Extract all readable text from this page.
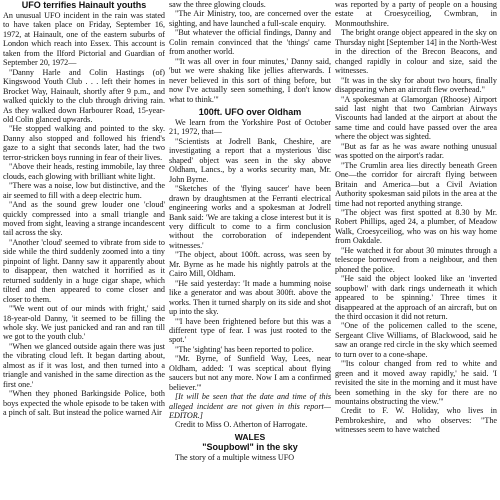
UFO terrifies Hainault youths

An unusual UFO incident in the rain was stated to have taken place on Friday, September 16, 1972, at Hainault, one of the eastern suburbs of London which reach into Essex. This account is taken from the Ilford Pictorial and Guardian of September 20, 1972—

"Danny Harle and Colin Hastings (of) Kingswood Youth Club . . . left their homes in Brocket Way, Hainault, shortly after 9 p.m., and walked quickly to the club through driving rain. As they walked down Harbourer Road, 15-year-old Colin glanced upwards.

"He stopped walking and pointed to the sky. Danny also stopped and followed his friend's gaze to a sight that seconds later, had the two terror-stricken boys running in fear of their lives.

"Above their heads, resting immobile, lay three clouds, each glowing with brilliant white light.

"There was a noise, low but distinctive, and the air seemed to fill with a deep electric hum.

"And as the sound grew louder one 'cloud' quickly compressed into a small triangle and moved from sight, leaving a strange incandescent tail across the sky.

"Another 'cloud' seemed to vibrate from side to side while the third suddenly zoomed into a tiny pinpoint of light. Danny saw it apparently about to disappear, then watched it horrified as it returned suddenly in a huge cigar shape, which tilted and then appeared to come closer and closer to them.

"'We went out of our minds with fright,' said 18-year-old Danny, 'it seemed to be filling the whole sky. We just panicked and ran and ran till we got to the youth club.'

"When we glanced outside again there was just the vibrating cloud left. It began darting about, almost as if it was lost, and then turned into a triangle and vanished in the same direction as the first one.'

"When they phoned Barkingside Police, both boys expected the whole episode to be taken with a pinch of salt. But instead the police warned Air

saw the three glowing clouds.

"The Air Ministry, too, are concerned over the sighting, and have launched a full-scale enquiry.

"But whatever the official findings, Danny and Colin remain convinced that the 'things' came from another world.

"'It was all over in four minutes,' Danny said, 'but we were shaking like jellies afterwards. I never believed in this sort of thing before, but now I've actually seen something, I don't know what to think.'"

100ft. UFO over Oldham

We learn from the Yorkshire Post of October 21, 1972, that—

"Scientists at Jodrell Bank, Cheshire, are investigating a report that a mysterious 'disc shaped' object was seen in the sky above Oldham, Lancs., by a works security man, Mr. John Byrne.

"Sketches of the 'flying saucer' have been drawn by draughtsmen at the Ferranti electrical engineering works and a spokesman at Jodrell Bank said: 'We are taking a close interest but it is very difficult to come to a firm conclusion without the corroboration of independent witnesses.'

"The object, about 100ft. across, was seen by Mr. Byrne as he made his nightly patrols at the Cairo Mill, Oldham.

"He said yesterday: 'It made a humming noise like a generator and was about 300ft. above the works. Then it turned sharply on its side and shot up into the sky.

"'I have been frightened before but this was a different type of fear. I was just rooted to the spot.'

"The 'sighting' has been reported to police.

"Mr. Byrne, of Sunfield Way, Lees, near Oldham, added: 'I was sceptical about flying saucers but not any more. Now I am a confirmed believer.'"

[It will be seen that the date and time of this alleged incident are not given in this report—EDITOR.]

Credit to Miss O. Atherton of Harrogate.

WALES
"Soupbowl" in the sky

The story of a multiple witness UFO

was reported by a party of people on a housing estate at Croesyceiliog, Cwmbran, in Monmouthshire.

The bright orange object appeared in the sky on Thursday night [September 14] in the North-West in the direction of the Brecon Beacons, and changed rapidly in colour and size, said the witnesses.

"It was in the sky for about two hours, finally disappearing when an aircraft flew overhead."

"A spokesman at Glamorgan (Rhoose) Airport said last night that two Cambrian Airways Viscounts had landed at the airport at about the same time and could have passed over the area where the object was sighted.

"But as far as he was aware nothing unusual was spotted on the airport's radar.

"The Crumlin area lies directly beneath Green One—the corridor for aircraft flying between Britain and America—but a Civil Aviation Authority spokesman said pilots in the area at the time had not reported anything strange.

"The object was first spotted at 8.30 by Mr. Robert Phillips, aged 24, a plumber, of Meadow Walk, Croesyceiliog, who was on his way home from Oakdale.

"He watched it for about 30 minutes through a telescope borrowed from a neighbour, and then phoned the police.

"He said the object looked like an 'inverted soupbowl' with dark rings underneath it which appeared to be spinning.' Three times it disappeared at the approach of an aircraft, but on the third occasion it did not return.

"One of the policemen called to the scene, Sergeant Clive Williams, of Blackwood, said he saw an orange red circle in the sky which seemed to turn over to a cone-shape.

"'Its colour changed from red to white and green and it moved away rapidly,' he said. 'I revisited the site in the morning and it must have been something in the sky for there are no mountains obstructing the view.'"

Credit to F. W. Holiday, who lives in Pembrokeshire, and who observes: "The witnesses seem to have watched
